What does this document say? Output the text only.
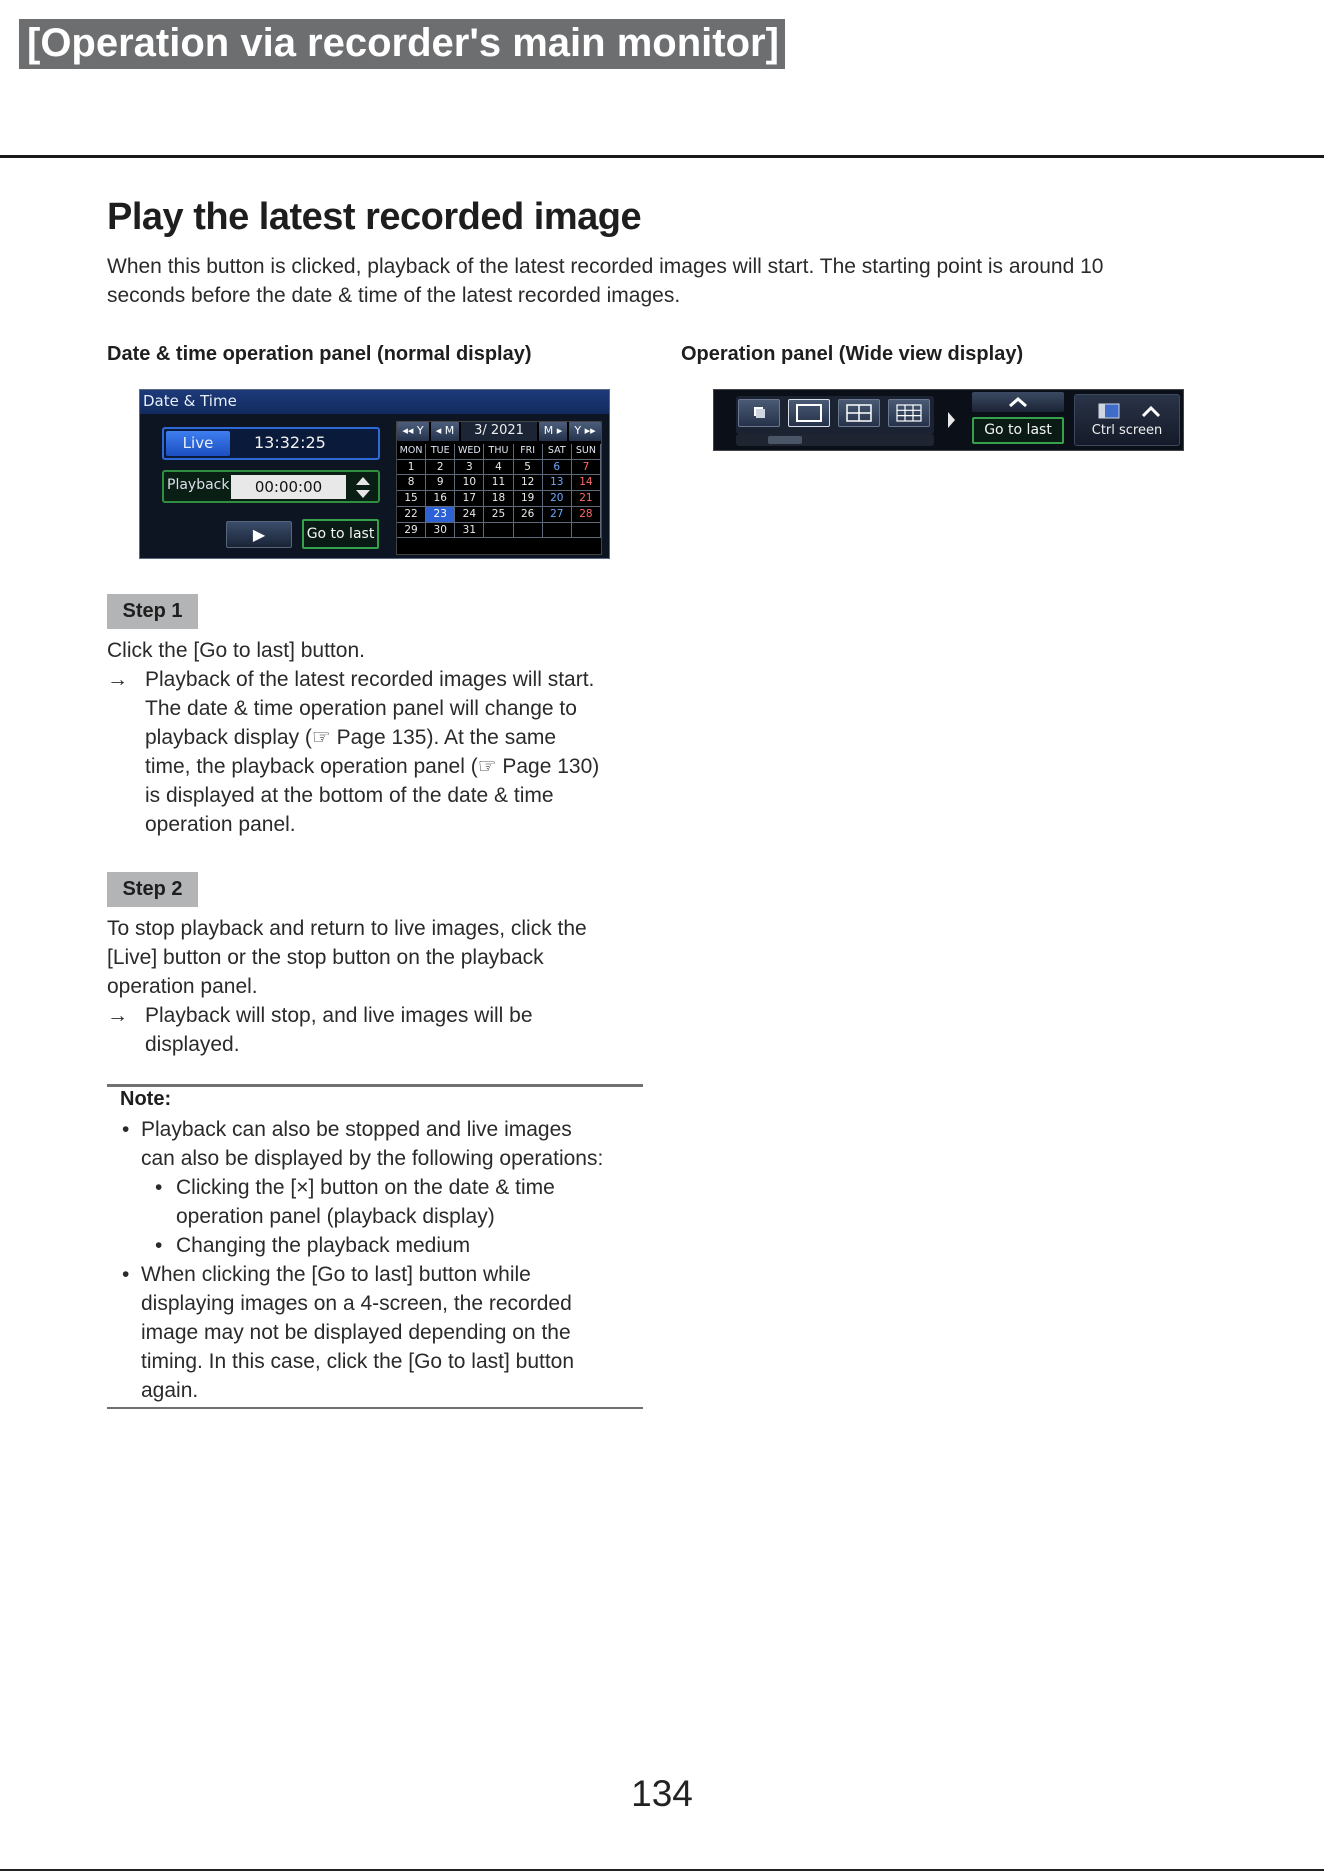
[Operation via recorder's main monitor]
Play the latest recorded image
When this button is clicked, playback of the latest recorded images will start. The starting point is around 10
seconds before the date & time of the latest recorded images.
Date & time operation panel (normal display)	Operation panel (Wide view display)
Date & Time
Live	13:32:25
Playback	00:00:00
▶	Go to last
◂◂ Y	◂ M	3/ 2021	M ▸	Y ▸▸
MON TUE WED THU	FRI	SAT	SUN
1	2	3	4	5	6	7
8	9	10	11	12	13	14
15	16	17	18	19	20	21
22	23	24	25	26	27	28
29	30	31
Go to last	Ctrl screen
Step 1
Click the [Go to last] button.
→ Playback of the latest recorded images will start.
The date & time operation panel will change to
playback display (☞ Page 135). At the same
time, the playback operation panel (☞ Page 130)
is displayed at the bottom of the date & time
operation panel.
Step 2
To stop playback and return to live images, click the
[Live] button or the stop button on the playback
operation panel.
→ Playback will stop, and live images will be
displayed.
Note:
• Playback can also be stopped and live images
can also be displayed by the following operations:
• Clicking the [×] button on the date & time
operation panel (playback display)
• Changing the playback medium
• When clicking the [Go to last] button while
displaying images on a 4-screen, the recorded
image may not be displayed depending on the
timing. In this case, click the [Go to last] button
again.
134
